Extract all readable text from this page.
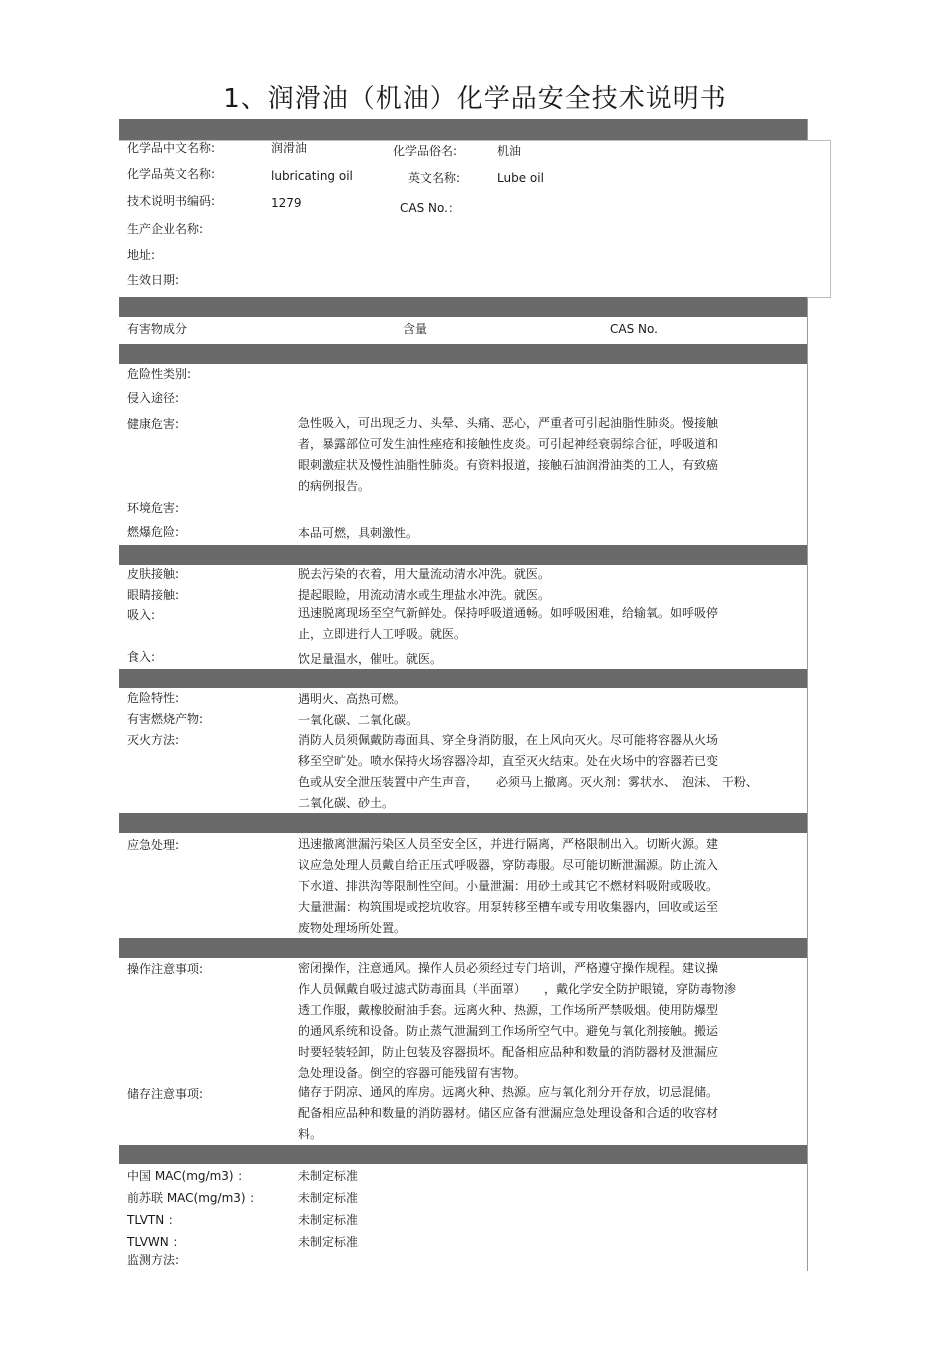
1、润滑油（机油）化学品安全技术说明书
化学品中文名称:	润滑油	化学品俗名:	机油
化学品英文名称:	lubricating oil	英文名称:	Lube oil
技术说明书编码:	1279	CAS No.：
生产企业名称:
地址:
生效日期:
有害物成分	含量	CAS No.
危险性类别:
侵入途径:
健康危害:	急性吸入，可出现乏力、头晕、头痛、恶心，严重者可引起油脂性肺炎。慢接触
者，暴露部位可发生油性痤疮和接触性皮炎。可引起神经衰弱综合征，呼吸道和
眼刺激症状及慢性油脂性肺炎。有资料报道，接触石油润滑油类的工人，有致癌
的病例报告。
环境危害:
燃爆危险:	本品可燃，具刺激性。
皮肤接触:	脱去污染的衣着，用大量流动清水冲洗。就医。
眼睛接触:	提起眼睑，用流动清水或生理盐水冲洗。就医。
吸入:	迅速脱离现场至空气新鲜处。保持呼吸道通畅。如呼吸困难，给输氧。如呼吸停
止，立即进行人工呼吸。就医。
食入:	饮足量温水，催吐。就医。
危险特性:	遇明火、高热可燃。
有害燃烧产物:	一氧化碳、二氧化碳。
灭火方法:	消防人员须佩戴防毒面具、穿全身消防服，在上风向灭火。尽可能将容器从火场
移至空旷处。喷水保持火场容器冷却，直至灭火结束。处在火场中的容器若已变
色或从安全泄压装置中产生声音，　　必须马上撤离。灭火剂：雾状水、　泡沫、 干粉、
二氧化碳、砂土。
应急处理:	迅速撤离泄漏污染区人员至安全区，并进行隔离，严格限制出入。切断火源。建
议应急处理人员戴自给正压式呼吸器，穿防毒服。尽可能切断泄漏源。防止流入
下水道、排洪沟等限制性空间。小量泄漏：用砂土或其它不燃材料吸附或吸收。
大量泄漏：构筑围堤或挖坑收容。用泵转移至槽车或专用收集器内，回收或运至
废物处理场所处置。
操作注意事项:	密闭操作，注意通风。操作人员必须经过专门培训，严格遵守操作规程。建议操
作人员佩戴自吸过滤式防毒面具（半面罩）　　，戴化学安全防护眼镜，穿防毒物渗
透工作服，戴橡胶耐油手套。远离火种、热源，工作场所严禁吸烟。使用防爆型
的通风系统和设备。防止蒸气泄漏到工作场所空气中。避免与氧化剂接触。搬运
时要轻装轻卸，防止包装及容器损坏。配备相应品种和数量的消防器材及泄漏应
急处理设备。倒空的容器可能残留有害物。
储存注意事项:	储存于阴凉、通风的库房。远离火种、热源。应与氧化剂分开存放，切忌混储。
配备相应品种和数量的消防器材。储区应备有泄漏应急处理设备和合适的收容材
料。
中国 MAC(mg/m3) ：	未制定标准
前苏联 MAC(mg/m3) ：	未制定标准
TLVTN ：	未制定标准
TLVWN ：	未制定标准
监测方法:
